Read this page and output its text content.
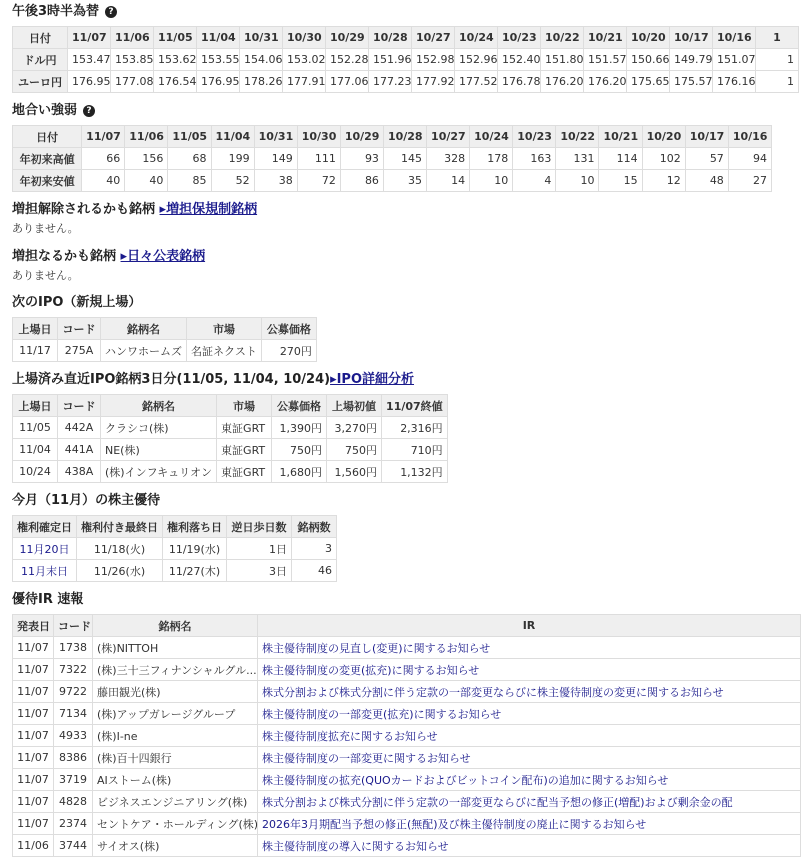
午後3時半為替 ?
日付	11/07	11/06	11/05	11/04	10/31	10/30	10/29	10/28	10/27	10/24	10/23	10/22	10/21	10/20	10/17	10/16	1
ドル円	153.47	153.85	153.62	153.55	154.06	153.02	152.28	151.96	152.98	152.96	152.40	151.80	151.57	150.66	149.79	151.07	1
ユーロ円	176.95	177.08	176.54	176.95	178.26	177.91	177.06	177.23	177.92	177.52	176.78	176.20	176.20	175.65	175.57	176.16	1
地合い強弱 ?
日付	11/07	11/06	11/05	11/04	10/31	10/30	10/29	10/28	10/27	10/24	10/23	10/22	10/21	10/20	10/17	10/16
年初来高値	66	156	68	199	149	111	93	145	328	178	163	131	114	102	57	94
年初来安値	40	40	85	52	38	72	86	35	14	10	4	10	15	12	48	27
増担解除されるかも銘柄 ▸増担保規制銘柄
ありません。
増担なるかも銘柄 ▸日々公表銘柄
ありません。
次のIPO（新規上場）
上場日	コード	銘柄名	市場	公募価格
11/17	275A	ハンワホームズ	名証ネクスト	270円
上場済み直近IPO銘柄3日分(11/05, 11/04, 10/24)▸IPO詳細分析
上場日	コード	銘柄名	市場	公募価格	上場初値	11/07終値
11/05	442A	クラシコ(株)	東証GRT	1,390円	3,270円	2,316円
11/04	441A	NE(株)	東証GRT	750円	750円	710円
10/24	438A	(株)インフキュリオン	東証GRT	1,680円	1,560円	1,132円
今月（11月）の株主優待
権利確定日	権利付き最終日	権利落ち日	逆日歩日数	銘柄数
11月20日	11/18(火)	11/19(水)	1日	3
11月末日	11/26(水)	11/27(木)	3日	46
優待IR 速報
発表日	コード	銘柄名	IR
11/07	1738	(株)NITTOH	株主優待制度の見直し(変更)に関するお知らせ
11/07	7322	(株)三十三フィナンシャルグル...	株主優待制度の変更(拡充)に関するお知らせ
11/07	9722	藤田観光(株)	株式分割および株式分割に伴う定款の一部変更ならびに株主優待制度の変更に関するお知らせ
11/07	7134	(株)アップガレージグループ	株主優待制度の一部変更(拡充)に関するお知らせ
11/07	4933	(株)I-ne	株主優待制度拡充に関するお知らせ
11/07	8386	(株)百十四銀行	株主優待制度の一部変更に関するお知らせ
11/07	3719	AIストーム(株)	株主優待制度の拡充(QUOカードおよびビットコイン配布)の追加に関するお知らせ
11/07	4828	ビジネスエンジニアリング(株)	株式分割および株式分割に伴う定款の一部変更ならびに配当予想の修正(増配)および剰余金の配
11/07	2374	セントケア・ホールディング(株)	2026年3月期配当予想の修正(無配)及び株主優待制度の廃止に関するお知らせ
11/06	3744	サイオス(株)	株主優待制度の導入に関するお知らせ
